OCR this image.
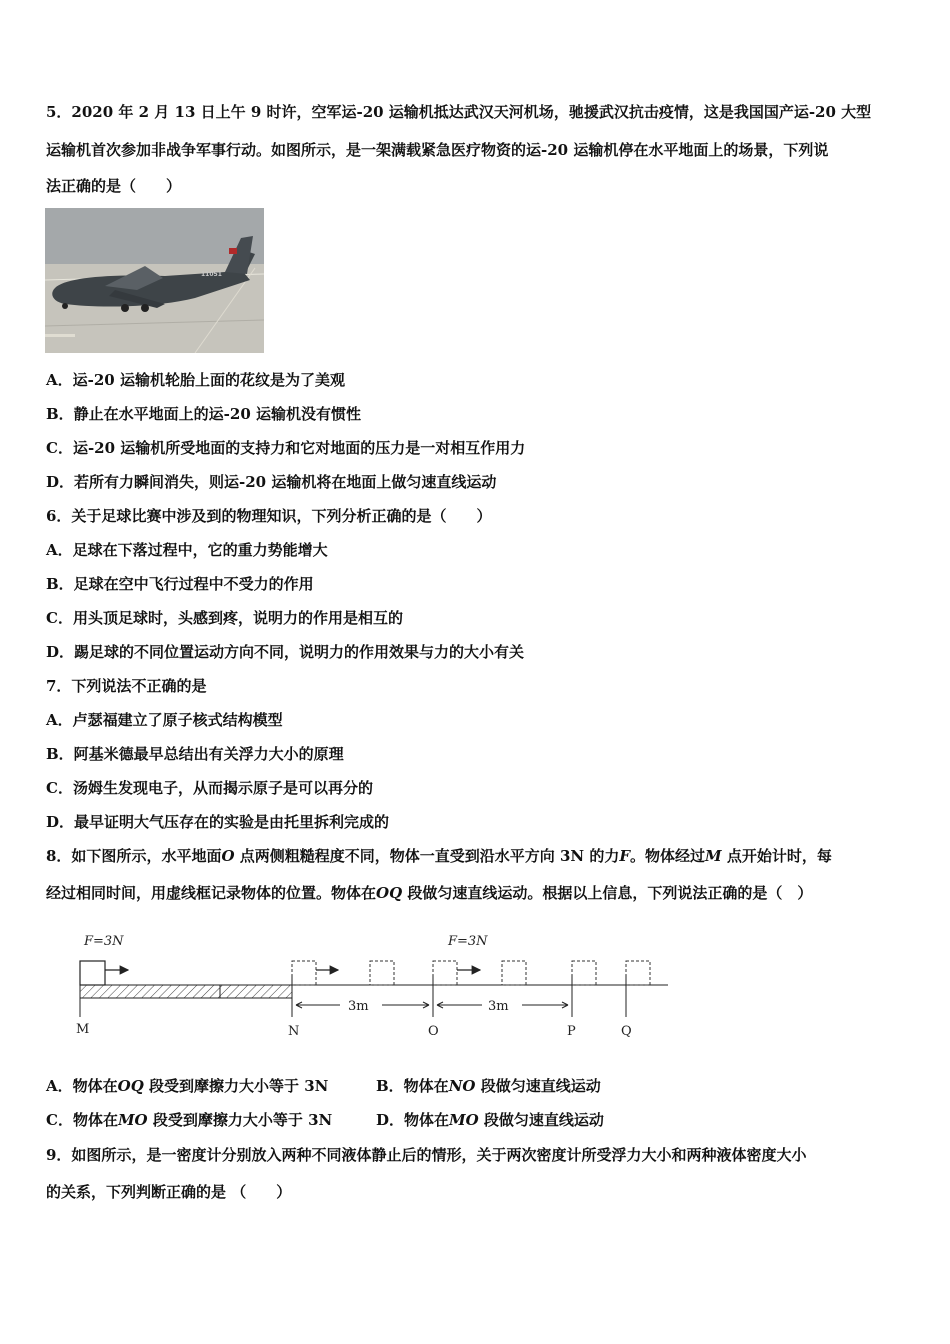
5．2020 年 2 月 13 日上午 9 时许，空军运-20 运输机抵达武汉天河机场，驰援武汉抗击疫情，这是我国国产运-20 大型
运输机首次参加非战争军事行动。如图所示，是一架满载紧急医疗物资的运-20 运输机停在水平地面上的场景，下列说
法正确的是（　　）
11051
A．运-20 运输机轮胎上面的花纹是为了美观
B．静止在水平地面上的运-20 运输机没有惯性
C．运-20 运输机所受地面的支持力和它对地面的压力是一对相互作用力
D．若所有力瞬间消失，则运-20 运输机将在地面上做匀速直线运动
6．关于足球比赛中涉及到的物理知识，下列分析正确的是（　　）
A．足球在下落过程中，它的重力势能增大
B．足球在空中飞行过程中不受力的作用
C．用头顶足球时，头感到疼，说明力的作用是相互的
D．踢足球的不同位置运动方向不同，说明力的作用效果与力的大小有关
7．下列说法不正确的是
A．卢瑟福建立了原子核式结构模型
B．阿基米德最早总结出有关浮力大小的原理
C．汤姆生发现电子，从而揭示原子是可以再分的
D．最早证明大气压存在的实验是由托里拆利完成的
8．如下图所示，水平地面O 点两侧粗糙程度不同，物体一直受到沿水平方向 3N 的力F。物体经过M 点开始计时，每
经过相同时间，用虚线框记录物体的位置。物体在OQ 段做匀速直线运动。根据以上信息，下列说法正确的是（　）
F=3N	F=3N
3m	3m
M	N	O	P	Q
A．物体在OQ 段受到摩擦力大小等于 3N	B．物体在NO 段做匀速直线运动
C．物体在MO 段受到摩擦力大小等于 3N	D．物体在MO 段做匀速直线运动
9．如图所示，是一密度计分别放入两种不同液体静止后的情形，关于两次密度计所受浮力大小和两种液体密度大小
的关系，下列判断正确的是 （　　）
